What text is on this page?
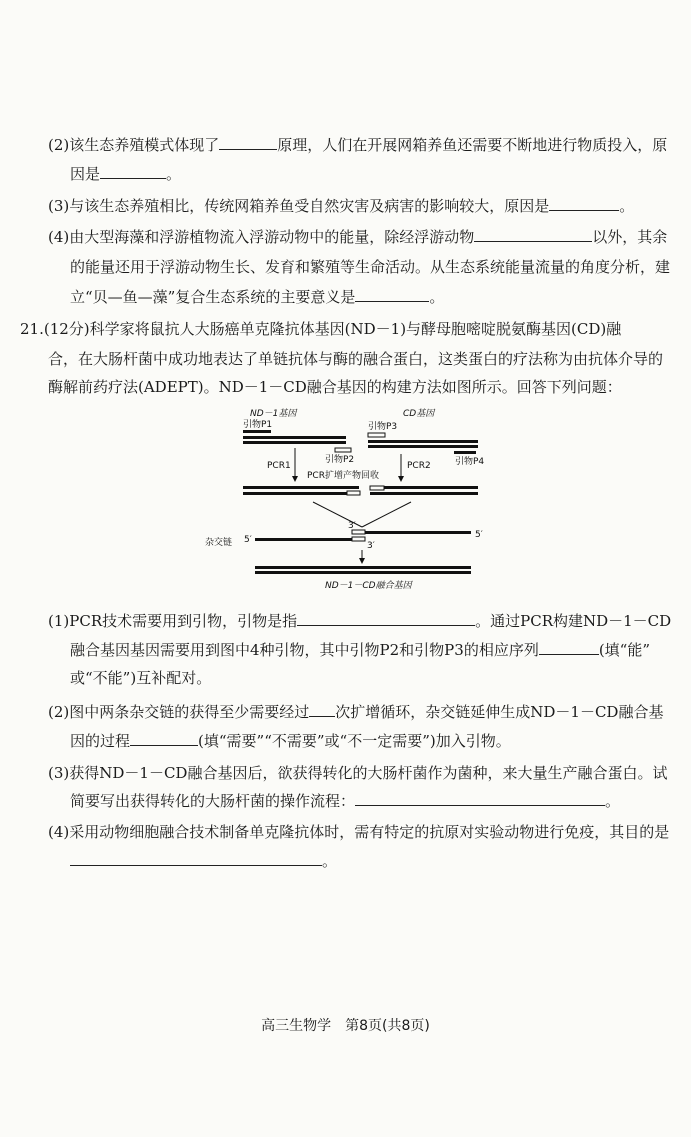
(2)该生态养殖模式体现了	原理，人们在开展网箱养鱼还需要不断地进行物质投入，原
因是	。
(3)与该生态养殖相比，传统网箱养鱼受自然灾害及病害的影响较大，原因是	。
(4)由大型海藻和浮游植物流入浮游动物中的能量，除经浮游动物	以外，其余
的能量还用于浮游动物生长、发育和繁殖等生命活动。从生态系统能量流量的角度分析，建
立“贝—鱼—藻”复合生态系统的主要意义是	。
21.(12分)科学家将鼠抗人大肠癌单克隆抗体基因(ND－1)与酵母胞嘧啶脱氨酶基因(CD)融
合，在大肠杆菌中成功地表达了单链抗体与酶的融合蛋白，这类蛋白的疗法称为由抗体介导的
酶解前药疗法(ADEPT)。ND－1－CD融合基因的构建方法如图所示。回答下列问题：
ND－1基因	CD基因
引物P1	引物P3
引物P2	引物P4
PCR1
PCR扩增产物回收
PCR2
3′
5′
杂交链 5′
3′
ND－1－CD融合基因
(1)PCR技术需要用到引物，引物是指	。通过PCR构建ND－1－CD
融合基因基因需要用到图中4种引物，其中引物P2和引物P3的相应序列	(填“能”
或“不能”)互补配对。
(2)图中两条杂交链的获得至少需要经过 次扩增循环，杂交链延伸生成ND－1－CD融合基
因的过程	(填“需要”“不需要”或“不一定需要”)加入引物。
(3)获得ND－1－CD融合基因后，欲获得转化的大肠杆菌作为菌种，来大量生产融合蛋白。试
简要写出获得转化的大肠杆菌的操作流程：	。
(4)采用动物细胞融合技术制备单克隆抗体时，需有特定的抗原对实验动物进行免疫，其目的是
。
高三生物学　第8页(共8页)
